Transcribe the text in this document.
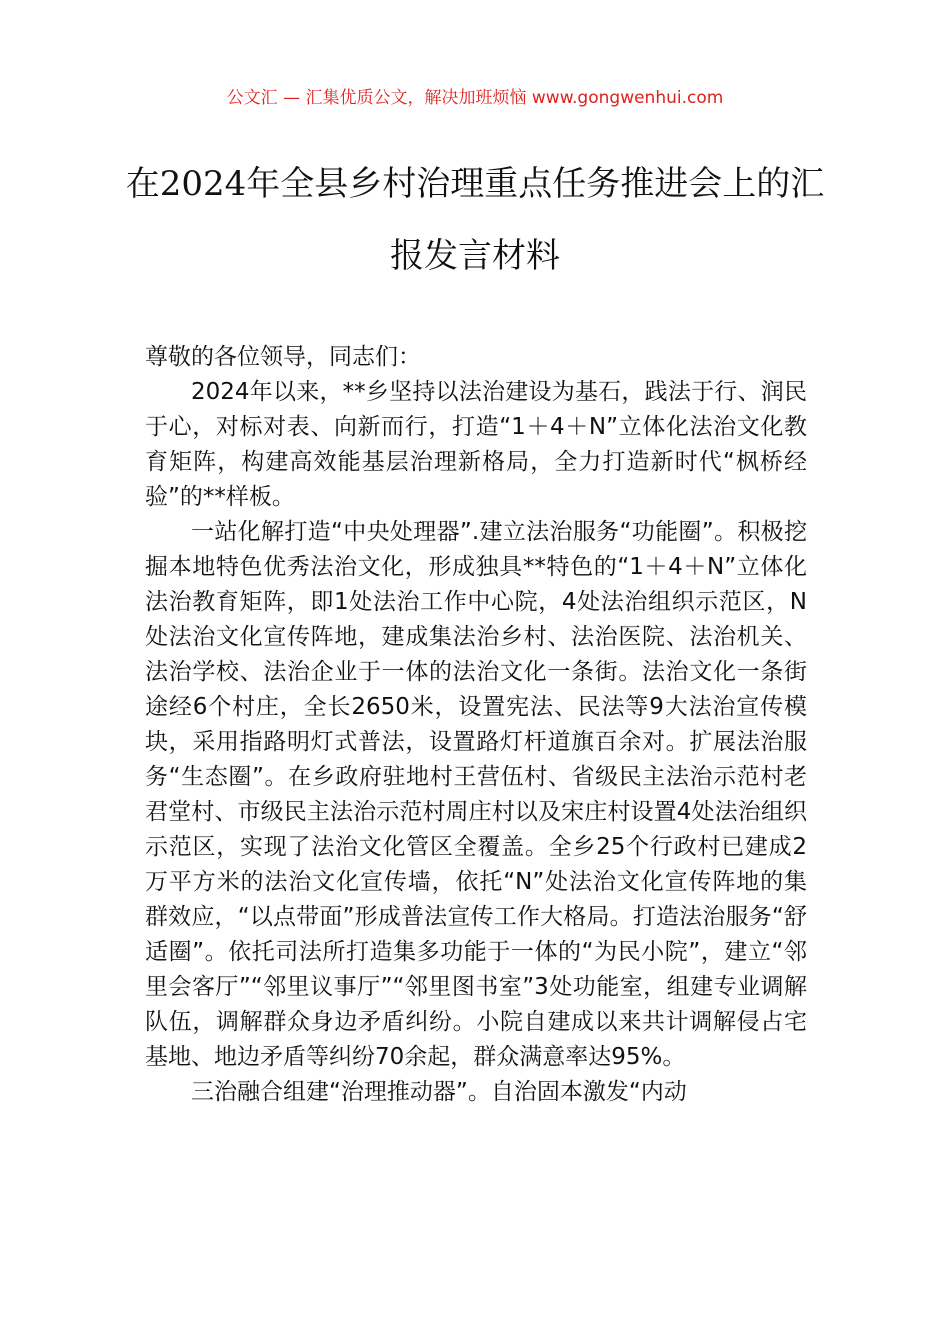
公文汇 — 汇集优质公文，解决加班烦恼 www.gongwenhui.com
在2024年全县乡村治理重点任务推进会上的汇报发言材料

尊敬的各位领导，同志们：

2024年以来，**乡坚持以法治建设为基石，践法于行、润民于心，对标对表、向新而行，打造“1＋4＋N”立体化法治文化教育矩阵，构建高效能基层治理新格局，全力打造新时代“枫桥经验”的**样板。

一站化解打造“中央处理器”.建立法治服务“功能圈”。积极挖掘本地特色优秀法治文化，形成独具**特色的“1＋4＋N”立体化法治教育矩阵，即1处法治工作中心院，4处法治组织示范区，N处法治文化宣传阵地，建成集法治乡村、法治医院、法治机关、法治学校、法治企业于一体的法治文化一条街。法治文化一条街途经6个村庄，全长2650米，设置宪法、民法等9大法治宣传模块，采用指路明灯式普法，设置路灯杆道旗百余对。扩展法治服务“生态圈”。在乡政府驻地村王营伍村、省级民主法治示范村老君堂村、市级民主法治示范村周庄村以及宋庄村设置4处法治组织示范区，实现了法治文化管区全覆盖。全乡25个行政村已建成2万平方米的法治文化宣传墙，依托“N”处法治文化宣传阵地的集群效应，“以点带面”形成普法宣传工作大格局。打造法治服务“舒适圈”。依托司法所打造集多功能于一体的“为民小院”，建立“邻里会客厅”“邻里议事厅”“邻里图书室”3处功能室，组建专业调解队伍，调解群众身边矛盾纠纷。小院自建成以来共计调解侵占宅基地、地边矛盾等纠纷70余起，群众满意率达95%。

三治融合组建“治理推动器”。自治固本激发“内动
